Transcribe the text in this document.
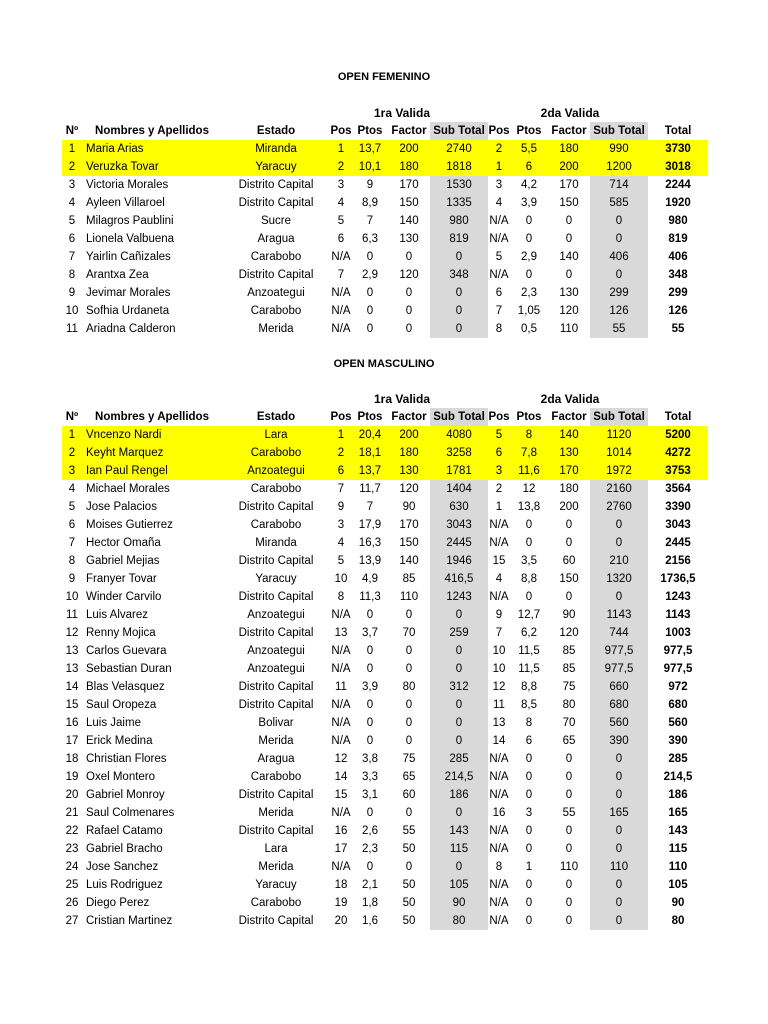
OPEN FEMENINO
1ra Valida	2da Valida
Nº	Nombres y Apellidos	Estado	Pos	Ptos	Factor	Sub Total	Pos	Ptos	Factor	Sub Total	Total
1	Maria Arias	Miranda	1	13,7	200	2740	2	5,5	180	990	3730
2	Veruzka Tovar	Yaracuy	2	10,1	180	1818	1	6	200	1200	3018
3	Victoria Morales	Distrito Capital	3	9	170	1530	3	4,2	170	714	2244
4	Ayleen Villaroel	Distrito Capital	4	8,9	150	1335	4	3,9	150	585	1920
5	Milagros Paublini	Sucre	5	7	140	980	N/A	0	0	0	980
6	Lionela Valbuena	Aragua	6	6,3	130	819	N/A	0	0	0	819
7	Yairlin Cañizales	Carabobo	N/A	0	0	0	5	2,9	140	406	406
8	Arantxa Zea	Distrito Capital	7	2,9	120	348	N/A	0	0	0	348
9	Jevimar Morales	Anzoategui	N/A	0	0	0	6	2,3	130	299	299
10	Sofhia Urdaneta	Carabobo	N/A	0	0	0	7	1,05	120	126	126
11	Ariadna Calderon	Merida	N/A	0	0	0	8	0,5	110	55	55
OPEN MASCULINO
1ra Valida	2da Valida
Nº	Nombres y Apellidos	Estado	Pos	Ptos	Factor	Sub Total	Pos	Ptos	Factor	Sub Total	Total
1	Vncenzo Nardi	Lara	1	20,4	200	4080	5	8	140	1120	5200
2	Keyht Marquez	Carabobo	2	18,1	180	3258	6	7,8	130	1014	4272
3	Ian Paul Rengel	Anzoategui	6	13,7	130	1781	3	11,6	170	1972	3753
4	Michael Morales	Carabobo	7	11,7	120	1404	2	12	180	2160	3564
5	Jose Palacios	Distrito Capital	9	7	90	630	1	13,8	200	2760	3390
6	Moises Gutierrez	Carabobo	3	17,9	170	3043	N/A	0	0	0	3043
7	Hector Omaña	Miranda	4	16,3	150	2445	N/A	0	0	0	2445
8	Gabriel Mejias	Distrito Capital	5	13,9	140	1946	15	3,5	60	210	2156
9	Franyer Tovar	Yaracuy	10	4,9	85	416,5	4	8,8	150	1320	1736,5
10	Winder Carvilo	Distrito Capital	8	11,3	110	1243	N/A	0	0	0	1243
11	Luis Alvarez	Anzoategui	N/A	0	0	0	9	12,7	90	1143	1143
12	Renny Mojica	Distrito Capital	13	3,7	70	259	7	6,2	120	744	1003
13	Carlos Guevara	Anzoategui	N/A	0	0	0	10	11,5	85	977,5	977,5
13	Sebastian Duran	Anzoategui	N/A	0	0	0	10	11,5	85	977,5	977,5
14	Blas Velasquez	Distrito Capital	11	3,9	80	312	12	8,8	75	660	972
15	Saul Oropeza	Distrito Capital	N/A	0	0	0	11	8,5	80	680	680
16	Luis Jaime	Bolivar	N/A	0	0	0	13	8	70	560	560
17	Erick Medina	Merida	N/A	0	0	0	14	6	65	390	390
18	Christian Flores	Aragua	12	3,8	75	285	N/A	0	0	0	285
19	Oxel Montero	Carabobo	14	3,3	65	214,5	N/A	0	0	0	214,5
20	Gabriel Monroy	Distrito Capital	15	3,1	60	186	N/A	0	0	0	186
21	Saul Colmenares	Merida	N/A	0	0	0	16	3	55	165	165
22	Rafael Catamo	Distrito Capital	16	2,6	55	143	N/A	0	0	0	143
23	Gabriel Bracho	Lara	17	2,3	50	115	N/A	0	0	0	115
24	Jose Sanchez	Merida	N/A	0	0	0	8	1	110	110	110
25	Luis Rodriguez	Yaracuy	18	2,1	50	105	N/A	0	0	0	105
26	Diego Perez	Carabobo	19	1,8	50	90	N/A	0	0	0	90
27	Cristian Martinez	Distrito Capital	20	1,6	50	80	N/A	0	0	0	80
